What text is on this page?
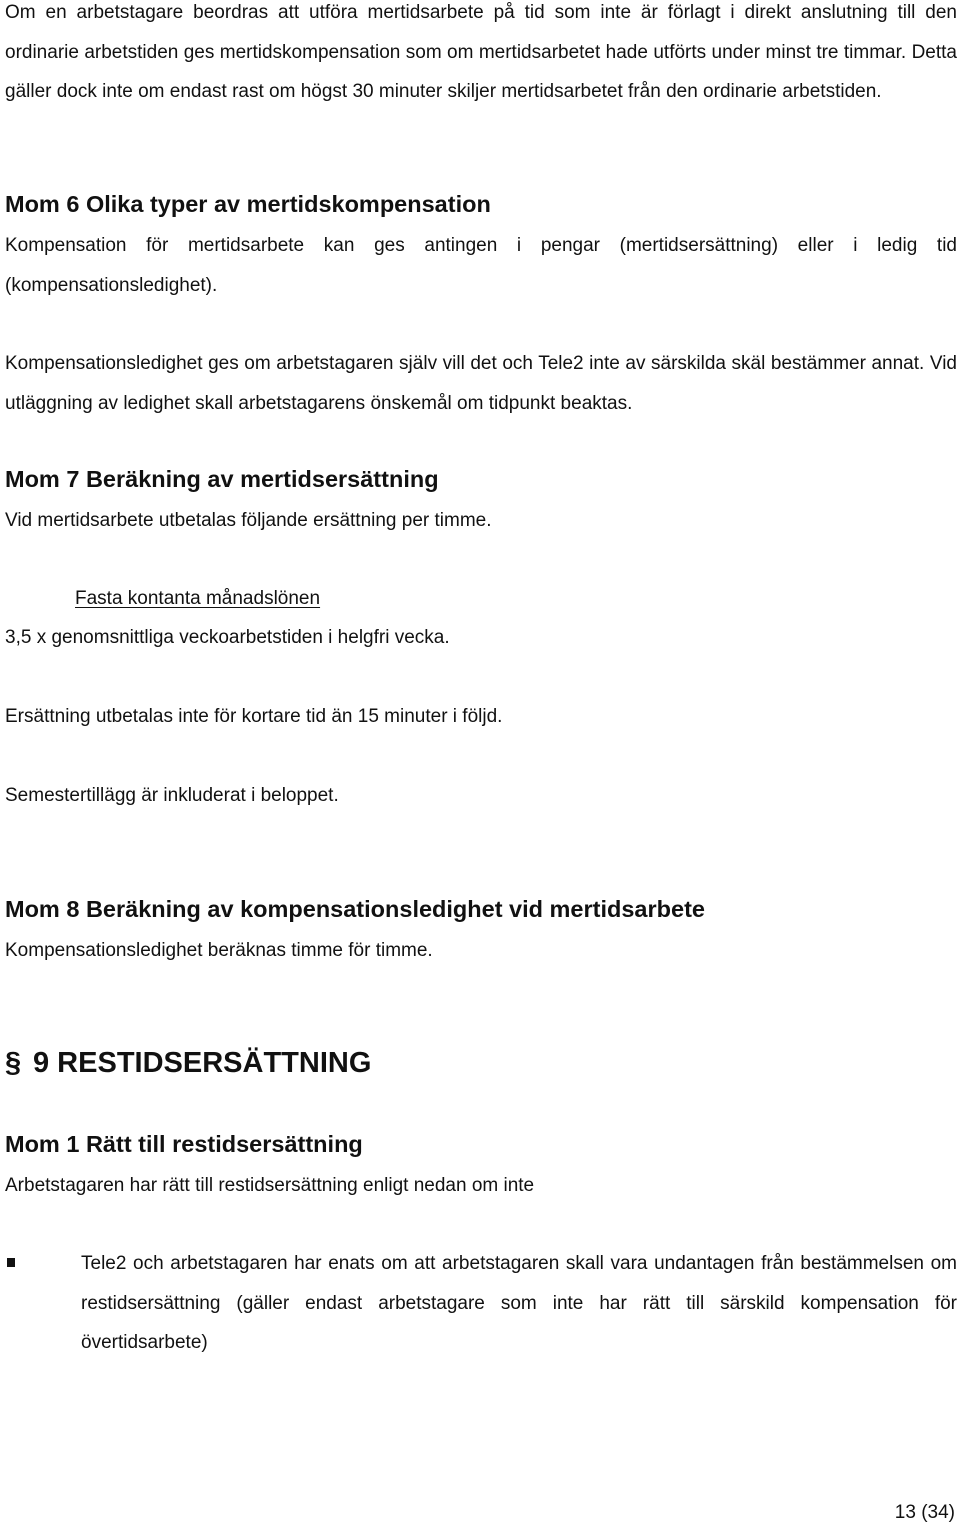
Om en arbetstagare beordras att utföra mertidsarbete på tid som inte är förlagt i direkt anslutning till den ordinarie arbetstiden ges mertidskompensation som om mertidsarbetet hade utförts under minst tre timmar. Detta gäller dock inte om endast rast om högst 30 minuter skiljer mertidsarbetet från den ordinarie arbetstiden.

Mom 6 Olika typer av mertidskompensation

Kompensation för mertidsarbete kan ges antingen i pengar (mertidsersättning) eller i ledig tid (kompensationsledighet).

Kompensationsledighet ges om arbetstagaren själv vill det och Tele2 inte av särskilda skäl bestämmer annat. Vid utläggning av ledighet skall arbetstagarens önskemål om tidpunkt beaktas.

Mom 7 Beräkning av mertidsersättning

Vid mertidsarbete utbetalas följande ersättning per timme.

Fasta kontanta månadslönen

3,5 x genomsnittliga veckoarbetstiden i helgfri vecka.

Ersättning utbetalas inte för kortare tid än 15 minuter i följd.

Semestertillägg är inkluderat i beloppet.

Mom 8 Beräkning av kompensationsledighet vid mertidsarbete

Kompensationsledighet beräknas timme för timme.

§ 9 RESTIDSERSÄTTNING
Mom 1 Rätt till restidsersättning

Arbetstagaren har rätt till restidsersättning enligt nedan om inte

Tele2 och arbetstagaren har enats om att arbetstagaren skall vara undantagen från bestämmelsen om restidsersättning (gäller endast arbetstagare som inte har rätt till särskild kompensation för övertidsarbete)

13 (34)
